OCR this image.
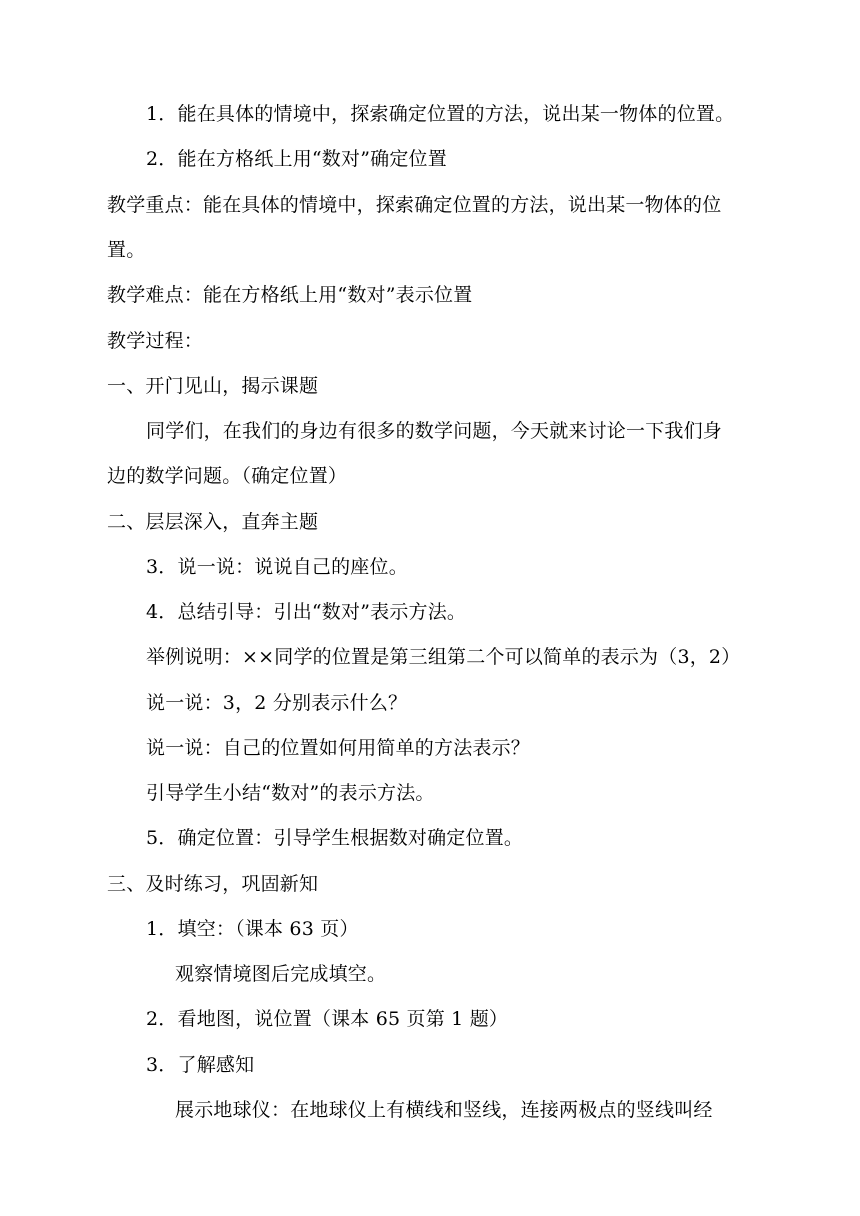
1．能在具体的情境中，探索确定位置的方法，说出某一物体的位置。
2．能在方格纸上用“数对”确定位置
教学重点：能在具体的情境中，探索确定位置的方法，说出某一物体的位
置。
教学难点：能在方格纸上用“数对”表示位置
教学过程：
一、开门见山，揭示课题
同学们，在我们的身边有很多的数学问题，今天就来讨论一下我们身
边的数学问题。（确定位置）
二、层层深入，直奔主题
3．说一说：说说自己的座位。
4．总结引导：引出“数对”表示方法。
举例说明：××同学的位置是第三组第二个可以简单的表示为（3，2）
说一说：3，2 分别表示什么？
说一说：自己的位置如何用简单的方法表示？
引导学生小结“数对”的表示方法。
5．确定位置：引导学生根据数对确定位置。
三、及时练习，巩固新知
1．填空：（课本 63 页）
观察情境图后完成填空。
2．看地图，说位置（课本 65 页第 1 题）
3．了解感知
展示地球仪：在地球仪上有横线和竖线，连接两极点的竖线叫经
